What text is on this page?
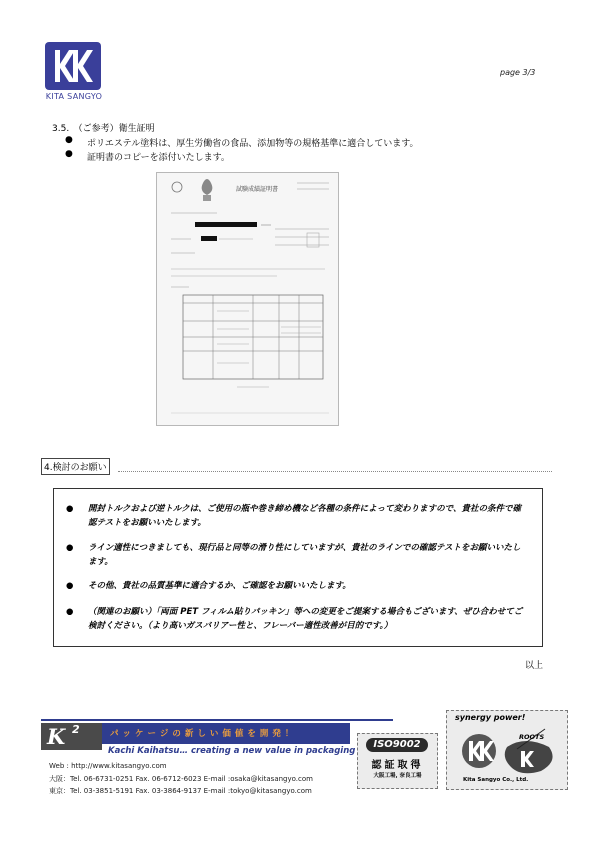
KITA SANGYO
page 3/3
3.5.　（ご参考）衛生証明
● ポリエステル塗料は、厚生労働省の食品、添加物等の規格基準に適合しています。
● 証明書のコピーを添付いたします。
試験成績証明書
4.検討のお願い
● 開封トルクおよび逆トルクは、ご使用の瓶や巻き締め機など各種の条件によって変わりますので、貴社の条件で確認テストをお願いいたします。
● ライン適性につきましても、現行品と同等の滑り性にしていますが、貴社のラインでの確認テストをお願いいたします。
● その他、貴社の品質基準に適合するか、ご確認をお願いいたします。
● （関連のお願い）「両面 PET フィルム貼りパッキン」等への変更をご提案する場合もございます、ぜひ合わせてご検討ください。（より高いガスバリアー性と、フレーバー適性改善が目的です。）
以上
K 2	パッケージの新しい価値を開発！
Kachi Kaihatsu… creating a new value in packaging
Web : http://www.kitasangyo.com
大阪：Tel. 06-6731-0251 Fax. 06-6712-6023 E-mail :osaka@kitasangyo.com
東京：Tel. 03-3851-5191 Fax. 03-3864-9137 E-mail :tokyo@kitasangyo.com
ISO9002
認証取得
大阪工場, 奈良工場
synergy power!
ROOTS
Kita Sangyo Co., Ltd.
